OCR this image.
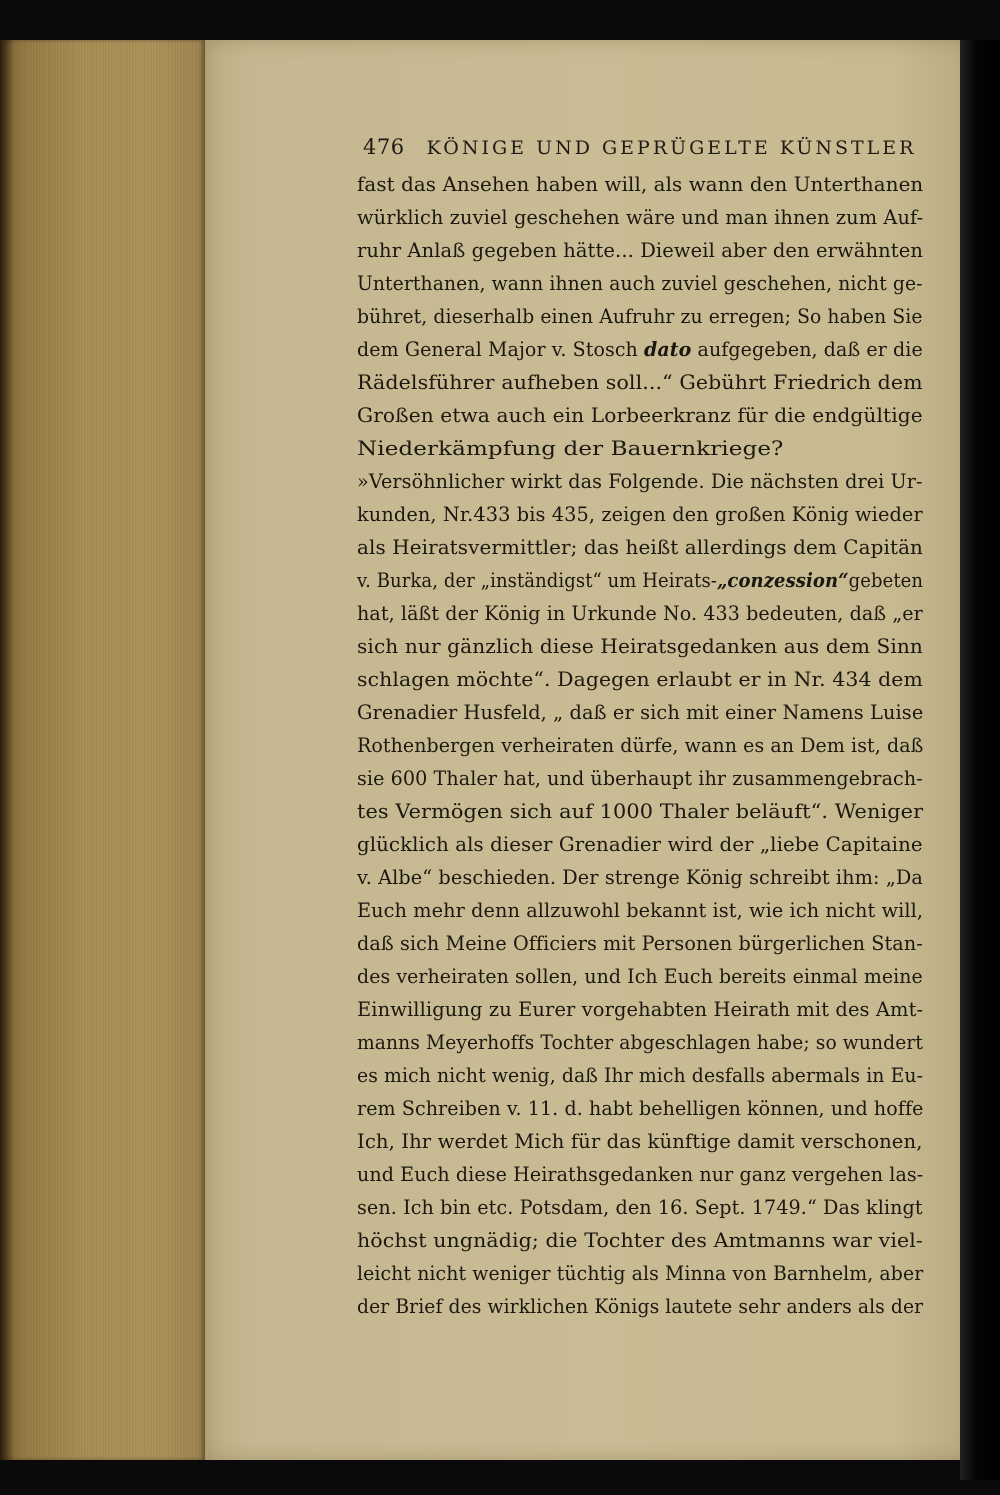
476 KÖNIGE UND GEPRÜGELTE KÜNSTLER
fast das Ansehen haben will, als wann den Unterthanen
würklich zuviel geschehen wäre und man ihnen zum Auf-
ruhr Anlaß gegeben hätte... Dieweil aber den erwähnten
Unterthanen, wann ihnen auch zuviel geschehen, nicht ge-
bühret, dieserhalb einen Aufruhr zu erregen; So haben Sie
dem General Major v. Stosch dato aufgegeben, daß er die
Rädelsführer aufheben soll...“ Gebührt Friedrich dem
Großen etwa auch ein Lorbeerkranz für die endgültige
Niederkämpfung der Bauernkriege?
»Versöhnlicher wirkt das Folgende. Die nächsten drei Ur-
kunden, Nr.433 bis 435, zeigen den großen König wieder
als Heiratsvermittler; das heißt allerdings dem Capitän
v. Burka, der „inständigst“ um Heirats-„conzession“gebeten
hat, läßt der König in Urkunde No. 433 bedeuten, daß „er
sich nur gänzlich diese Heiratsgedanken aus dem Sinn
schlagen möchte“. Dagegen erlaubt er in Nr. 434 dem
Grenadier Husfeld, „ daß er sich mit einer Namens Luise
Rothenbergen verheiraten dürfe, wann es an Dem ist, daß
sie 600 Thaler hat, und überhaupt ihr zusammengebrach-
tes Vermögen sich auf 1000 Thaler beläuft“. Weniger
glücklich als dieser Grenadier wird der „liebe Capitaine
v. Albe“ beschieden. Der strenge König schreibt ihm: „Da
Euch mehr denn allzuwohl bekannt ist, wie ich nicht will,
daß sich Meine Officiers mit Personen bürgerlichen Stan-
des verheiraten sollen, und Ich Euch bereits einmal meine
Einwilligung zu Eurer vorgehabten Heirath mit des Amt-
manns Meyerhoffs Tochter abgeschlagen habe; so wundert
es mich nicht wenig, daß Ihr mich desfalls abermals in Eu-
rem Schreiben v. 11. d. habt behelligen können, und hoffe
Ich, Ihr werdet Mich für das künftige damit verschonen,
und Euch diese Heirathsgedanken nur ganz vergehen las-
sen. Ich bin etc. Potsdam, den 16. Sept. 1749.“ Das klingt
höchst ungnädig; die Tochter des Amtmanns war viel-
leicht nicht weniger tüchtig als Minna von Barnhelm, aber
der Brief des wirklichen Königs lautete sehr anders als der
